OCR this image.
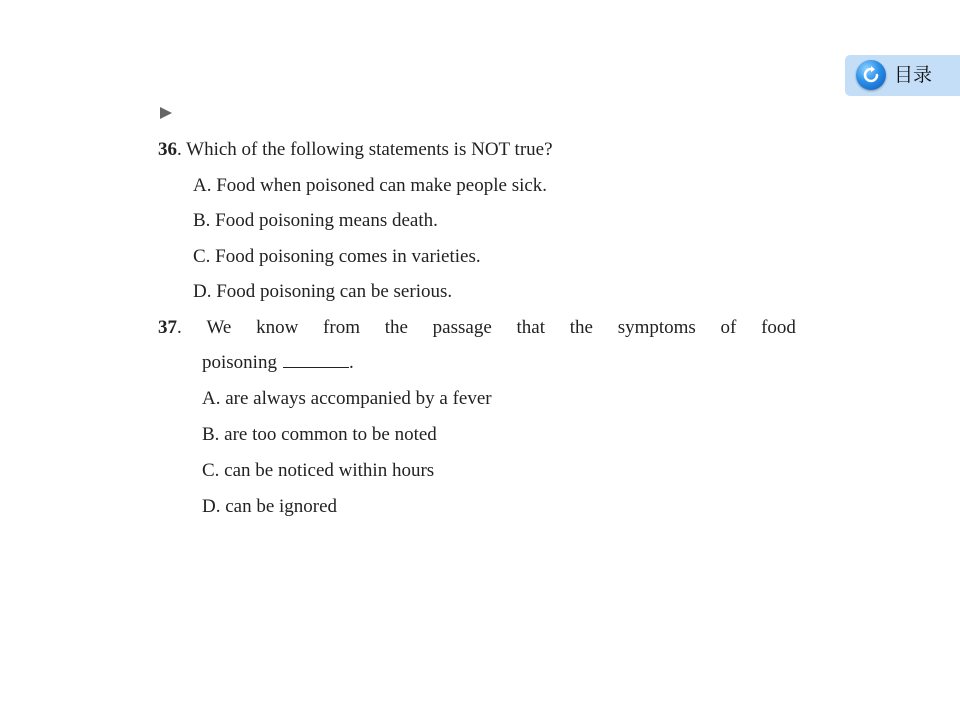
目录
36. Which of the following statements is NOT true?
A. Food when poisoned can make people sick.
B. Food poisoning means death.
C. Food poisoning comes in varieties.
D. Food poisoning can be serious.
37. We know from the passage that the symptoms of food
poisoning	.
A. are always accompanied by a fever
B. are too common to be noted
C. can be noticed within hours
D. can be ignored
